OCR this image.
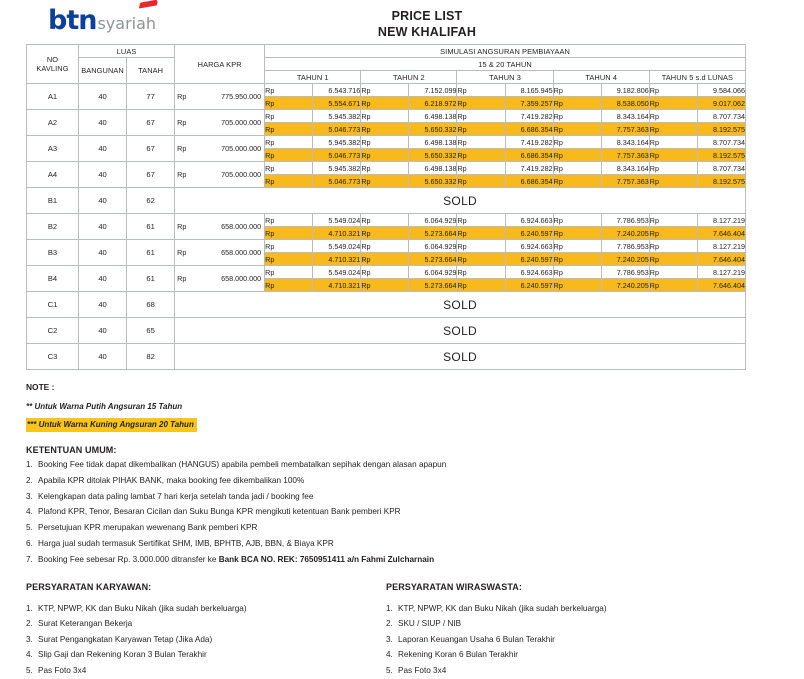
btn syariah	PRICE LIST
NEW KHALIFAH
NO
KAVLING	LUAS		HARGA KPR	SIMULASI ANGSURAN PEMBIAYAAN									
	BANGUNAN	TANAH		15 & 20 TAHUN									
				TAHUN 1		TAHUN 2		TAHUN 3		TAHUN 4		TAHUN 5 s.d LUNAS	
A1	40	77	Rp 775.950.000	Rp	6.543.716	Rp	7.152.099	Rp	8.165.945	Rp	9.182.806	Rp	9.584.066
				Rp	5.554.671	Rp	6.218.972	Rp	7.359.257	Rp	8.538.050	Rp	9.017.062
A2	40	67	Rp 705.000.000	Rp	5.945.382	Rp	6.498.138	Rp	7.419.282	Rp	8.343.164	Rp	8.707.734
				Rp	5.046.773	Rp	5.650.332	Rp	6.686.354	Rp	7.757.363	Rp	8.192.575
A3	40	67	Rp 705.000.000	Rp	5.945.382	Rp	6.498.138	Rp	7.419.282	Rp	8.343.164	Rp	8.707.734
				Rp	5.046.773	Rp	5.650.332	Rp	6.686.354	Rp	7.757.363	Rp	8.192.575
A4	40	67	Rp 705.000.000	Rp	5.945.382	Rp	6.498.138	Rp	7.419.282	Rp	8.343.164	Rp	8.707.734
				Rp	5.046.773	Rp	5.650.332	Rp	6.686.354	Rp	7.757.363	Rp	8.192.575
B1	40	62	SOLD										
B2	40	61	Rp 658.000.000	Rp	5.549.024	Rp	6.064.929	Rp	6.924.663	Rp	7.786.953	Rp	8.127.219
				Rp	4.710.321	Rp	5.273.664	Rp	6.240.597	Rp	7.240.205	Rp	7.646.404
B3	40	61	Rp 658.000.000	Rp	5.549.024	Rp	6.064.929	Rp	6.924.663	Rp	7.786.953	Rp	8.127.219
				Rp	4.710.321	Rp	5.273.664	Rp	6.240.597	Rp	7.240.205	Rp	7.646.404
B4	40	61	Rp 658.000.000	Rp	5.549.024	Rp	6.064.929	Rp	6.924.663	Rp	7.786.953	Rp	8.127.219
				Rp	4.710.321	Rp	5.273.664	Rp	6.240.597	Rp	7.240.205	Rp	7.646.404
C1	40	68	SOLD										
C2	40	65	SOLD										
C3	40	82	SOLD										
NOTE :
** Untuk Warna Putih Angsuran 15 Tahun
*** Untuk Warna Kuning Angsuran 20 Tahun
KETENTUAN UMUM:
1. Booking Fee tidak dapat dikembalikan (HANGUS) apabila pembeli membatalkan sepihak dengan alasan apapun
2. Apabila KPR ditolak PIHAK BANK, maka booking fee dikembalikan 100%
3. Kelengkapan data paling lambat 7 hari kerja setelah tanda jadi / booking fee
4. Plafond KPR, Tenor, Besaran Cicilan dan Suku Bunga KPR mengikuti ketentuan Bank pemberi KPR
5. Persetujuan KPR merupakan wewenang Bank pemberi KPR
6. Harga jual sudah termasuk Sertifikat SHM, IMB, BPHTB, AJB, BBN, & Biaya KPR
7. Booking Fee sebesar Rp. 3.000.000 ditransfer ke Bank BCA NO. REK: 7650951411 a/n Fahmi Zulcharnain
PERSYARATAN KARYAWAN:
1. KTP, NPWP, KK dan Buku Nikah (jika sudah berkeluarga)
2. Surat Keterangan Bekerja
3. Surat Pengangkatan Karyawan Tetap (Jika Ada)
4. Slip Gaji dan Rekening Koran 3 Bulan Terakhir
5. Pas Foto 3x4
PERSYARATAN WIRASWASTA:
1. KTP, NPWP, KK dan Buku Nikah (jika sudah berkeluarga)
2. SKU / SIUP / NIB
3. Laporan Keuangan Usaha 6 Bulan Terakhir
4. Rekening Koran 6 Bulan Terakhir
5. Pas Foto 3x4
